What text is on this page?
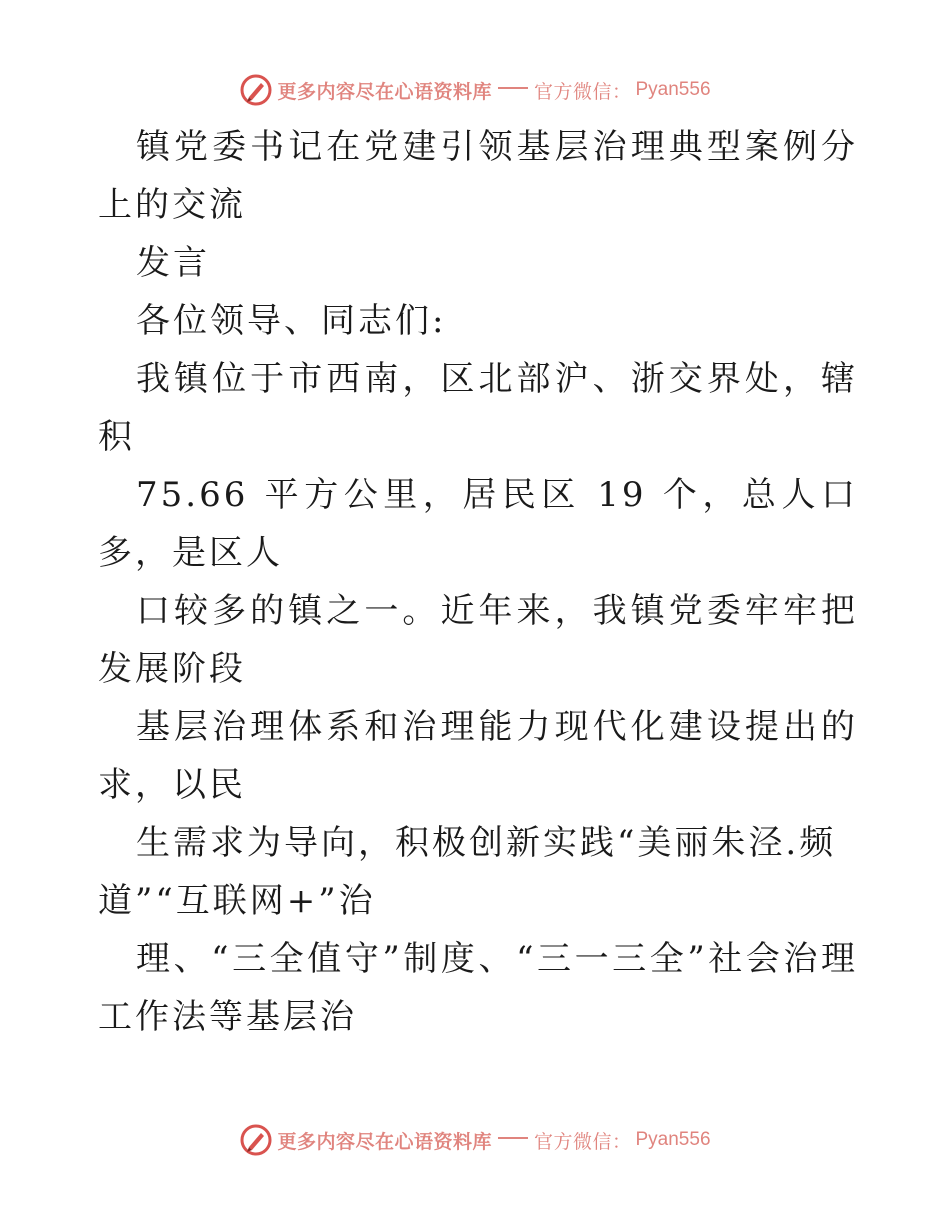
更多内容尽在心语资料库 官方微信： Pyan556
镇党委书记在党建引领基层治理典型案例分
上的交流
发言
各位领导、同志们:
我镇位于市西南，区北部沪、浙交界处，辖
积
75.66 平方公里，居民区 19 个，总人口
多，是区人
口较多的镇之一。近年来，我镇党委牢牢把
发展阶段
基层治理体系和治理能力现代化建设提出的
求，以民
生需求为导向，积极创新实践“美丽朱泾.频
道”“互联网+”治
理、“三全值守”制度、“三一三全”社会治理
工作法等基层治
更多内容尽在心语资料库 官方微信： Pyan556
